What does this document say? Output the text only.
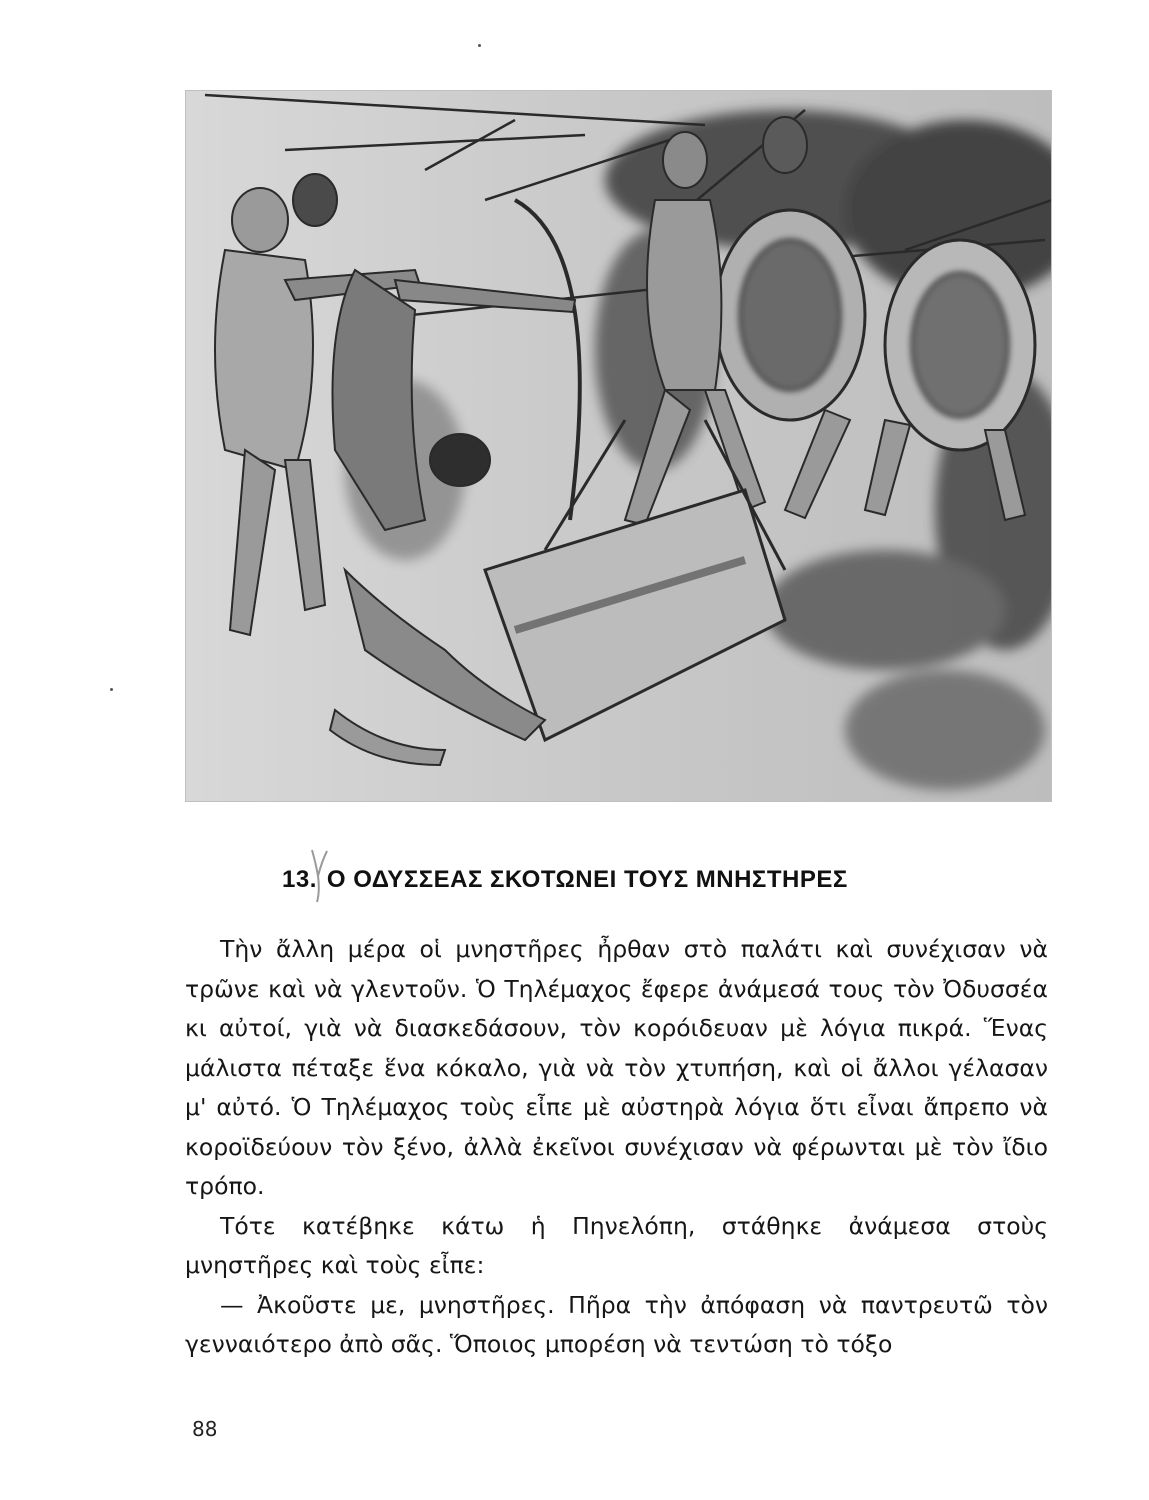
13. Ο ΟΔΥΣΣΕΑΣ ΣΚΟΤΩΝΕΙ ΤΟΥΣ ΜΝΗΣΤΗΡΕΣ

Τὴν ἄλλη μέρα οἱ μνηστῆρες ἦρθαν στὸ παλάτι καὶ συνέχισαν νὰ τρῶνε καὶ νὰ γλεντοῦν. Ὁ Τηλέμαχος ἔφερε ἀνάμεσά τους τὸν Ὀδυσσέα κι αὐτοί, γιὰ νὰ διασκεδάσουν, τὸν κορόιδευαν μὲ λόγια πικρά. Ἕνας μάλιστα πέταξε ἕνα κόκαλο, γιὰ νὰ τὸν χτυπήση, καὶ οἱ ἄλλοι γέλασαν μ' αὐτό. Ὁ Τηλέμαχος τοὺς εἶπε μὲ αὐστηρὰ λόγια ὅτι εἶναι ἄπρεπο νὰ κοροϊδεύουν τὸν ξένο, ἀλλὰ ἐκεῖνοι συνέχισαν νὰ φέρωνται μὲ τὸν ἴδιο τρόπο.

Τότε κατέβηκε κάτω ἡ Πηνελόπη, στάθηκε ἀνάμεσα στοὺς μνηστῆρες καὶ τοὺς εἶπε:

— Ἀκοῦστε με, μνηστῆρες. Πῆρα τὴν ἀπόφαση νὰ παντρευτῶ τὸν γενναιότερο ἀπὸ σᾶς. Ὅποιος μπορέση νὰ τεντώση τὸ τόξο

88
